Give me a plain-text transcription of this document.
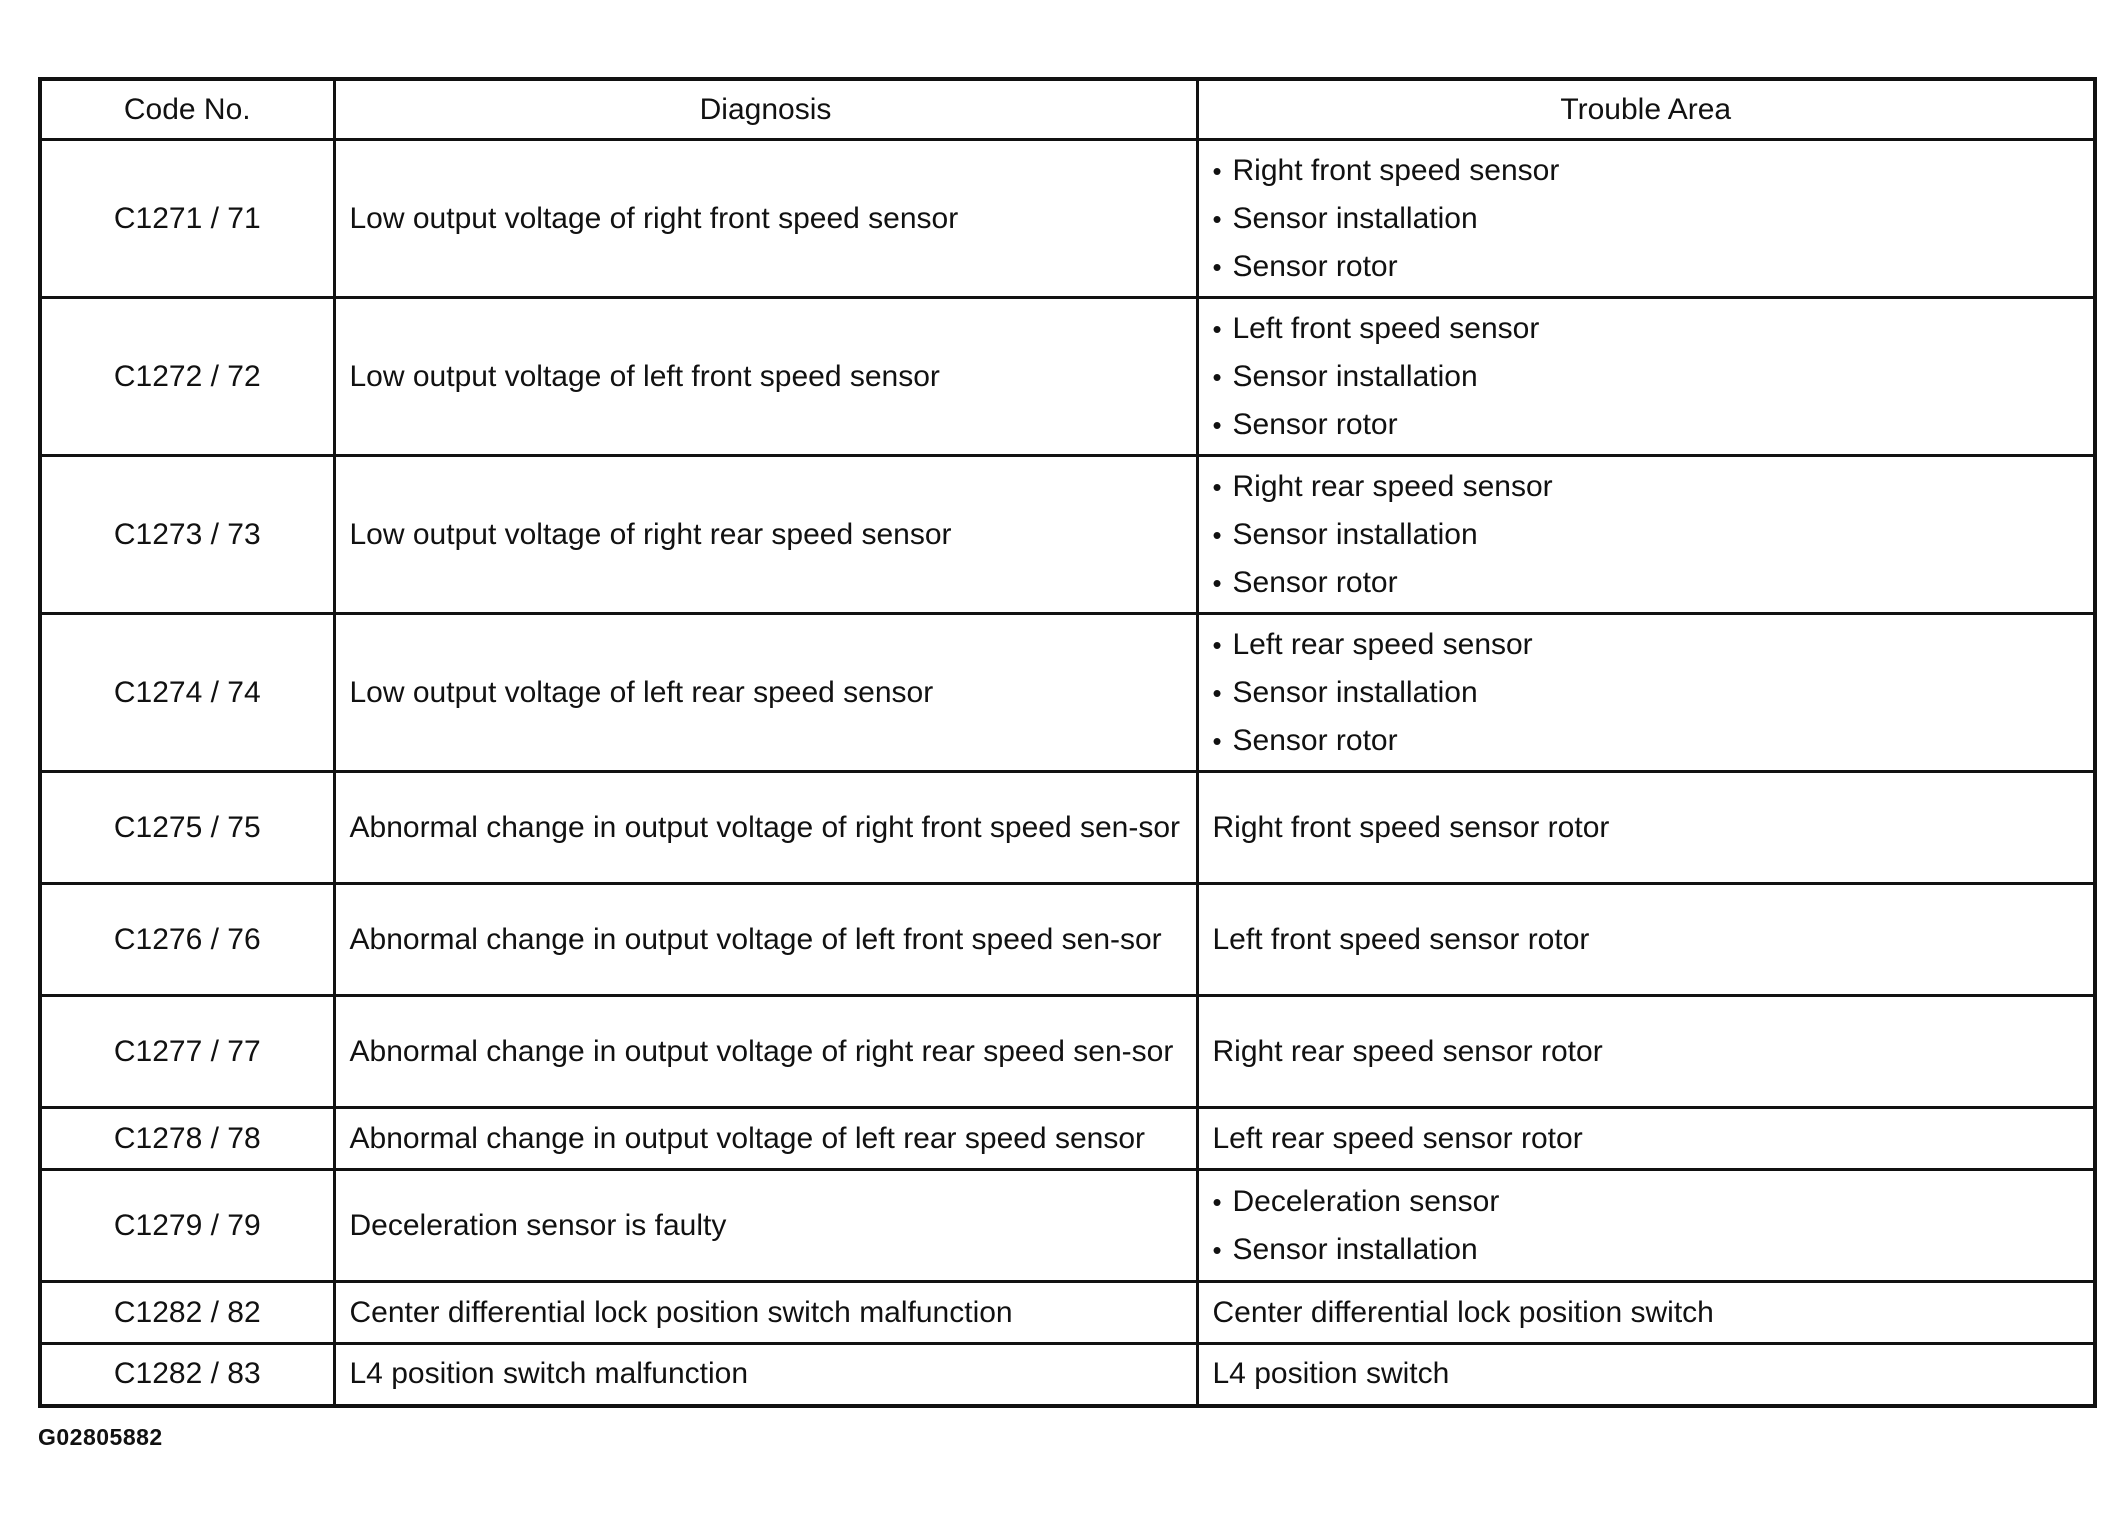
Code No.	Diagnosis	Trouble Area
C1271 / 71	Low output voltage of right front speed sensor	• Right front speed sensor
• Sensor installation
• Sensor rotor

C1272 / 72	Low output voltage of left front speed sensor	• Left front speed sensor
• Sensor installation
• Sensor rotor

C1273 / 73	Low output voltage of right rear speed sensor	• Right rear speed sensor
• Sensor installation
• Sensor rotor

C1274 / 74	Low output voltage of left rear speed sensor	• Left rear speed sensor
• Sensor installation
• Sensor rotor

C1275 / 75	Abnormal change in output voltage of right front speed sen-sor	Right front speed sensor rotor

C1276 / 76	Abnormal change in output voltage of left front speed sen-sor	Left front speed sensor rotor

C1277 / 77	Abnormal change in output voltage of right rear speed sen-sor	Right rear speed sensor rotor

C1278 / 78	Abnormal change in output voltage of left rear speed sensor	Left rear speed sensor rotor

C1279 / 79	Deceleration sensor is faulty	• Deceleration sensor
• Sensor installation

C1282 / 82	Center differential lock position switch malfunction	Center differential lock position switch

C1282 / 83	L4 position switch malfunction	L4 position switch
G02805882
